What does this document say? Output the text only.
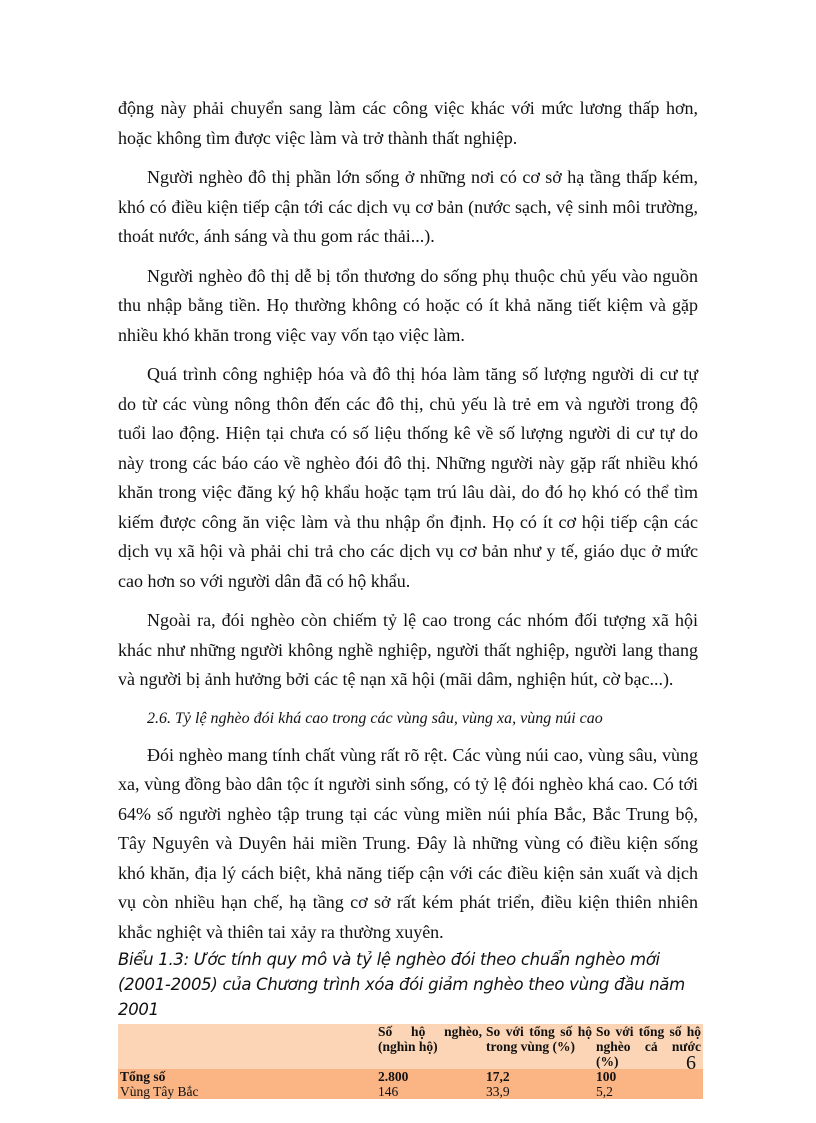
động này phải chuyển sang làm các công việc khác với mức lương thấp hơn, hoặc không tìm được việc làm và trở thành thất nghiệp.

Người nghèo đô thị phần lớn sống ở những nơi có cơ sở hạ tầng thấp kém, khó có điều kiện tiếp cận tới các dịch vụ cơ bản (nước sạch, vệ sinh môi trường, thoát nước, ánh sáng và thu gom rác thải...).

Người nghèo đô thị dễ bị tổn thương do sống phụ thuộc chủ yếu vào nguồn thu nhập bằng tiền. Họ thường không có hoặc có ít khả năng tiết kiệm và gặp nhiều khó khăn trong việc vay vốn tạo việc làm.

Quá trình công nghiệp hóa và đô thị hóa làm tăng số lượng người di cư tự do từ các vùng nông thôn đến các đô thị, chủ yếu là trẻ em và người trong độ tuổi lao động. Hiện tại chưa có số liệu thống kê về số lượng người di cư tự do này trong các báo cáo về nghèo đói đô thị. Những người này gặp rất nhiều khó khăn trong việc đăng ký hộ khẩu hoặc tạm trú lâu dài, do đó họ khó có thể tìm kiếm được công ăn việc làm và thu nhập ổn định. Họ có ít cơ hội tiếp cận các dịch vụ xã hội và phải chi trả cho các dịch vụ cơ bản như y tế, giáo dục ở mức cao hơn so với người dân đã có hộ khẩu.

Ngoài ra, đói nghèo còn chiếm tỷ lệ cao trong các nhóm đối tượng xã hội khác như những người không nghề nghiệp, người thất nghiệp, người lang thang và người bị ảnh hưởng bởi các tệ nạn xã hội (mãi dâm, nghiện hút, cờ bạc...).

2.6. Tỷ lệ nghèo đói khá cao trong các vùng sâu, vùng xa, vùng núi cao

Đói nghèo mang tính chất vùng rất rõ rệt. Các vùng núi cao, vùng sâu, vùng xa, vùng đồng bào dân tộc ít người sinh sống, có tỷ lệ đói nghèo khá cao. Có tới 64% số người nghèo tập trung tại các vùng miền núi phía Bắc, Bắc Trung bộ, Tây Nguyên và Duyên hải miền Trung. Đây là những vùng có điều kiện sống khó khăn, địa lý cách biệt, khả năng tiếp cận với các điều kiện sản xuất và dịch vụ còn nhiều hạn chế, hạ tầng cơ sở rất kém phát triển, điều kiện thiên nhiên khắc nghiệt và thiên tai xảy ra thường xuyên.

Biểu 1.3: Ước tính quy mô và tỷ lệ nghèo đói theo chuẩn nghèo mới (2001-2005) của Chương trình xóa đói giảm nghèo theo vùng đầu năm 2001

	Số hộ nghèo, (nghìn hộ)	So với tổng số hộ trong vùng (%)	So với tổng số hộ nghèo cả nước (%)
Tổng số	2.800	17,2	100
Vùng Tây Bắc	146	33,9	5,2
6
